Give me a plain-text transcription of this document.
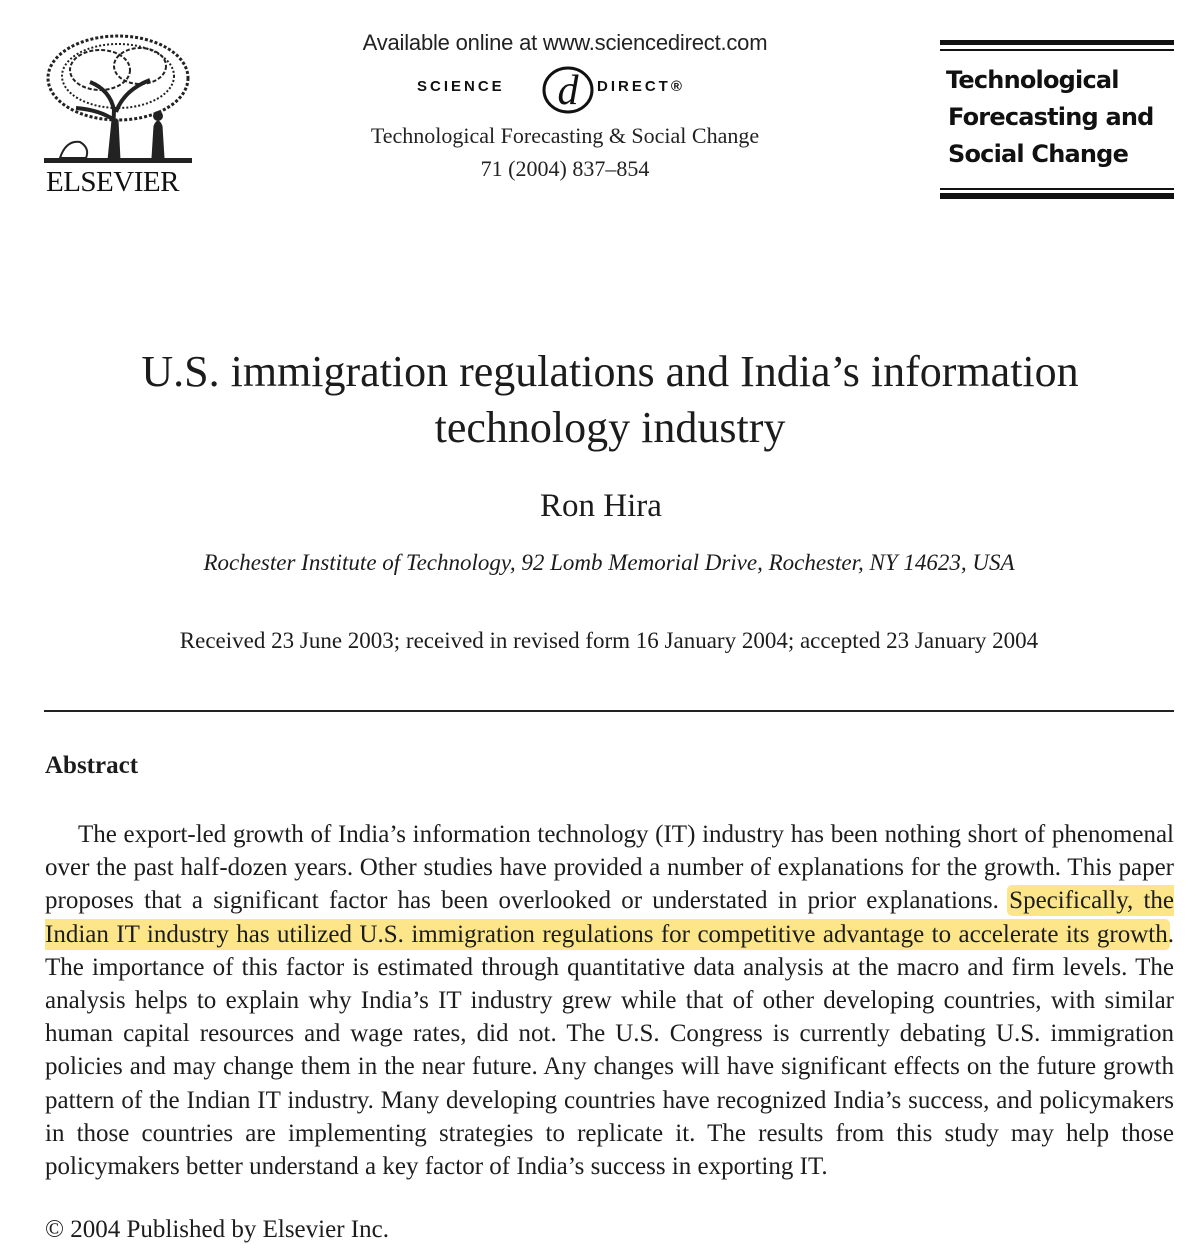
ELSEVIER
Available online at www.sciencedirect.com
SCIENCE d DIRECT®
Technological Forecasting & Social Change
71 (2004) 837–854
Technological
Forecasting and
Social Change
U.S. immigration regulations and India’s information
technology industry
Ron Hira
Rochester Institute of Technology, 92 Lomb Memorial Drive, Rochester, NY 14623, USA
Received 23 June 2003; received in revised form 16 January 2004; accepted 23 January 2004
Abstract
The export-led growth of India’s information technology (IT) industry has been nothing short of phenomenal over the past half-dozen years. Other studies have provided a number of explanations for the growth. This paper proposes that a significant factor has been overlooked or understated in prior explanations. Specifically, the Indian IT industry has utilized U.S. immigration regulations for competitive advantage to accelerate its growth. The importance of this factor is estimated through quantitative data analysis at the macro and firm levels. The analysis helps to explain why India’s IT industry grew while that of other developing countries, with similar human capital resources and wage rates, did not. The U.S. Congress is currently debating U.S. immigration policies and may change them in the near future. Any changes will have significant effects on the future growth pattern of the Indian IT industry. Many developing countries have recognized India’s success, and policymakers in those countries are implementing strategies to replicate it. The results from this study may help those policymakers better understand a key factor of India’s success in exporting IT.
© 2004 Published by Elsevier Inc.
